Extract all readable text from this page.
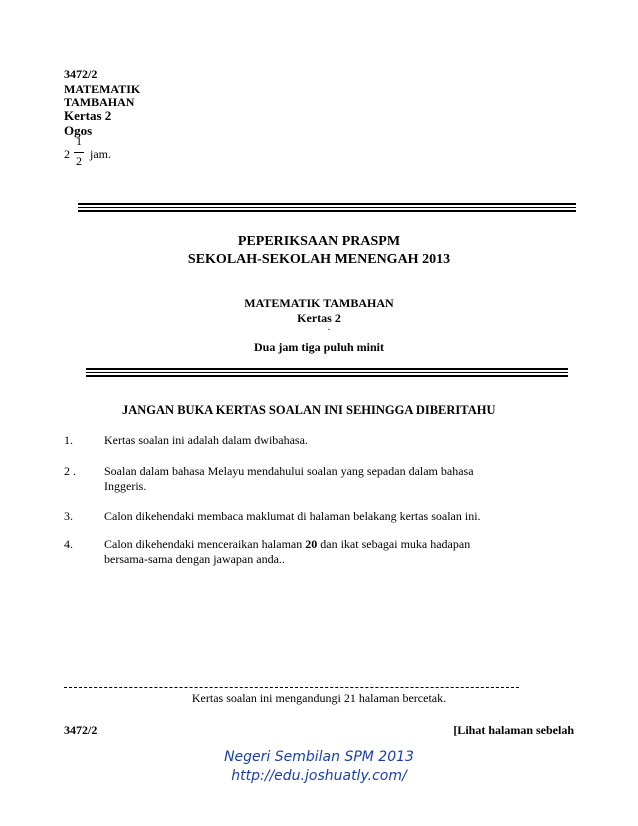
3472/2
MATEMATIK
TAMBAHAN
Kertas 2
Ogos
2
1
2 jam.
PEPERIKSAAN PRASPM
SEKOLAH-SEKOLAH MENENGAH 2013
MATEMATIK TAMBAHAN
Kertas 2
.
Dua jam tiga puluh minit
JANGAN BUKA KERTAS SOALAN INI SEHINGGA DIBERITAHU
1.	Kertas soalan ini adalah dalam dwibahasa.
2 . Soalan dalam bahasa Melayu mendahului soalan yang sepadan dalam bahasa
Inggeris.
3.	Calon dikehendaki membaca maklumat di halaman belakang kertas soalan ini.
4.	Calon dikehendaki menceraikan halaman 20 dan ikat sebagai muka hadapan
bersama-sama dengan jawapan anda..
Kertas soalan ini mengandungi 21 halaman bercetak.
3472/2	[Lihat halaman sebelah
Negeri Sembilan SPM 2013
http://edu.joshuatly.com/
